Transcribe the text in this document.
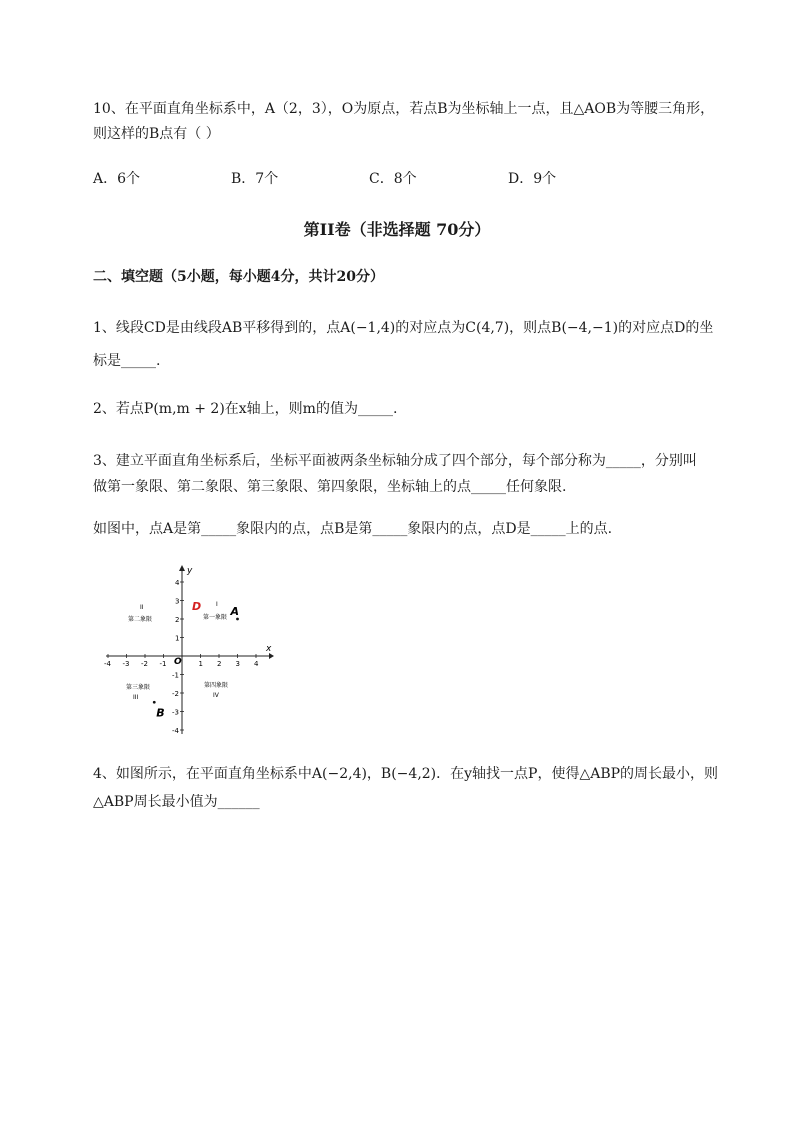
10、在平面直角坐标系中，A（2，3），O为原点，若点B为坐标轴上一点，且△AOB为等腰三角形，
则这样的B点有（ ）
A．6个	B．7个	C．8个	D．9个
第II卷（非选择题 70分）
二、填空题（5小题，每小题4分，共计20分）
1、线段CD是由线段AB平移得到的，点A(−1,4)的对应点为C(4,7)，则点B(−4,−1)的对应点D的坐
标是_____.
2、若点P(m,m + 2)在x轴上，则m的值为_____.
3、建立平面直角坐标系后，坐标平面被两条坐标轴分成了四个部分，每个部分称为_____，分别叫
做第一象限、第二象限、第三象限、第四象限，坐标轴上的点_____任何象限.
如图中，点A是第_____象限内的点，点B是第_____象限内的点，点D是_____上的点.
-4 -3 -2 -1	1 2 3 4
4
3
2
1
-1
-2
-3
-4
O
x
y
I
第一象限
II
第二象限
第三象限
III
第四象限
IV
D	A
B
4、如图所示，在平面直角坐标系中A(−2,4)，B(−4,2)．在y轴找一点P，使得△ABP的周长最小，则
△ABP周长最小值为______
